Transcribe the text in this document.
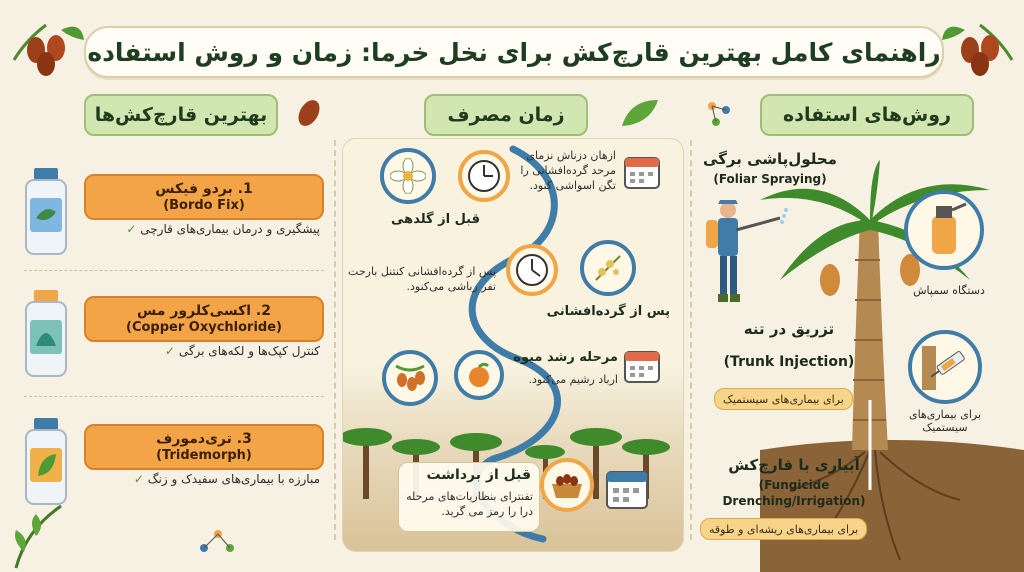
راهنمای کامل بهترین قارچ‌کش برای نخل خرما: زمان و روش استفاده
بهترین قارچ‌کش‌ها	زمان مصرف	روش‌های استفاده
1. بردو فیکس
(Bordo Fix)
پیشگیری و درمان بیماری‌های قارچی ✓
2. اکسی‌کلرور مس
(Copper Oxychloride)
کنترل کپک‌ها و لکه‌های برگی ✓
3. تری‌دمورف
(Tridemorph)
مبارزه با بیماری‌های سفیدک و زنگ ✓
ازهان دزناش نزمای مرحد گرده‌افشانی را تگن اسواشی کنود.
قبل از گلدهی
پس از گرده‌افشانی کنتنل بارحت تفر رباشی می‌کنود.
پس از گرده‌افشانی
مرحله رشد میوه
ارباد رشیم می‌کنود.
قبل از برداشت
تفنترای بنظاریات‌های مرحله درا را رمز می گرید.
محلول‌پاشی برگی
(Foliar Spraying)
دستگاه سمپاش
تزریق در تنه
(Trunk Injection)
برای بیماری‌های سیستمیک
برای بیماری‌های سیستمیک
آبیاری با قارچ‌کش
(Fungicide
Drenching/Irrigation)
برای بیماری‌های ریشه‌ای و طوقه
